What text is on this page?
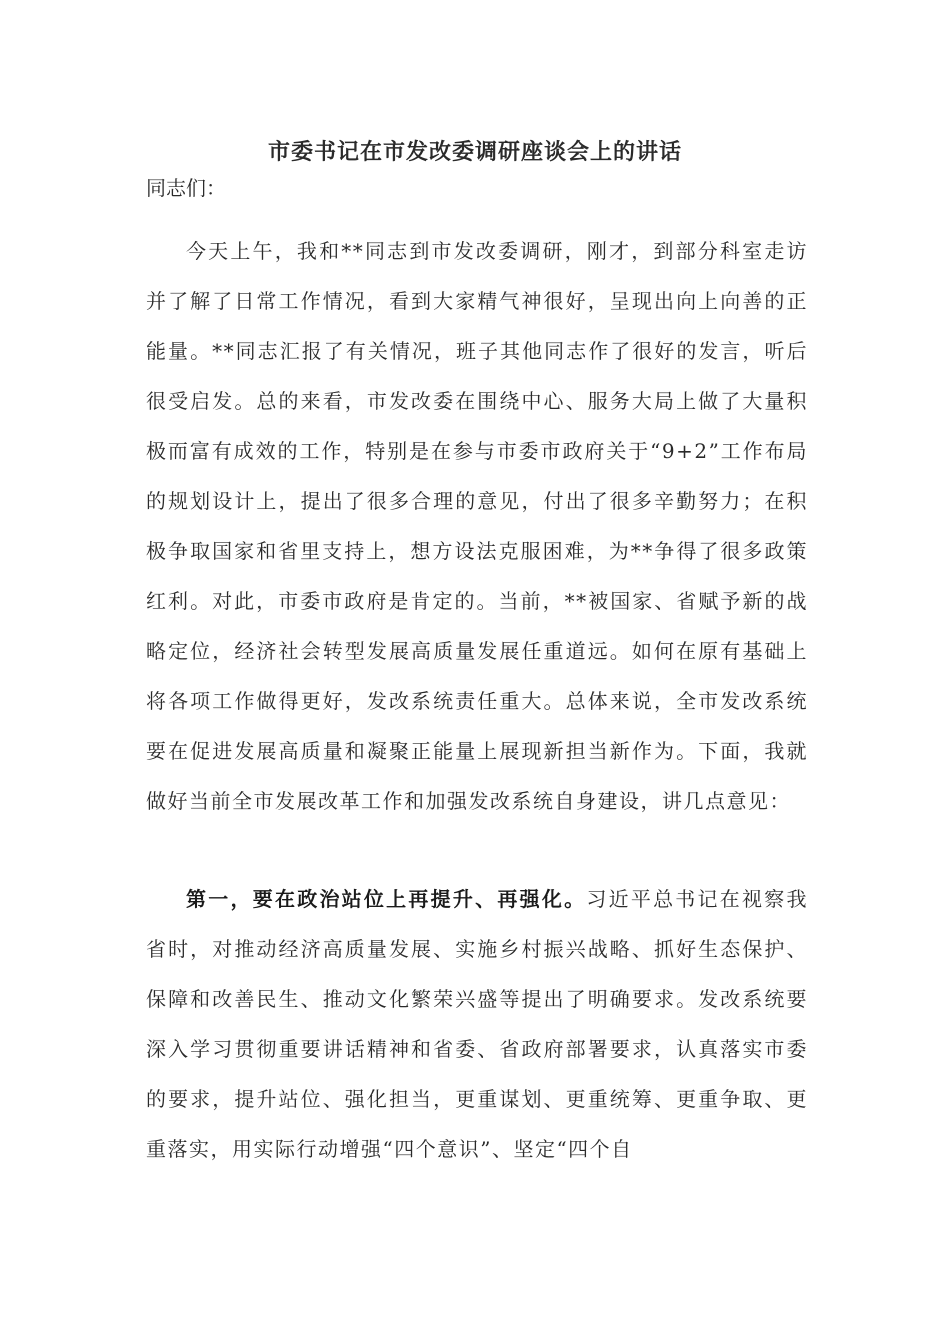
市委书记在市发改委调研座谈会上的讲话
同志们：

今天上午，我和**同志到市发改委调研，刚才，到部分科室走访并了解了日常工作情况，看到大家精气神很好，呈现出向上向善的正能量。**同志汇报了有关情况，班子其他同志作了很好的发言，听后很受启发。总的来看，市发改委在围绕中心、服务大局上做了大量积极而富有成效的工作，特别是在参与市委市政府关于“9+2”工作布局的规划设计上，提出了很多合理的意见，付出了很多辛勤努力；在积极争取国家和省里支持上，想方设法克服困难，为**争得了很多政策红利。对此，市委市政府是肯定的。当前，**被国家、省赋予新的战略定位，经济社会转型发展高质量发展任重道远。如何在原有基础上将各项工作做得更好，发改系统责任重大。总体来说，全市发改系统要在促进发展高质量和凝聚正能量上展现新担当新作为。下面，我就做好当前全市发展改革工作和加强发改系统自身建设，讲几点意见：

第一，要在政治站位上再提升、再强化。习近平总书记在视察我省时，对推动经济高质量发展、实施乡村振兴战略、抓好生态保护、保障和改善民生、推动文化繁荣兴盛等提出了明确要求。发改系统要深入学习贯彻重要讲话精神和省委、省政府部署要求，认真落实市委的要求，提升站位、强化担当，更重谋划、更重统筹、更重争取、更重落实，用实际行动增强“四个意识”、坚定“四个自
